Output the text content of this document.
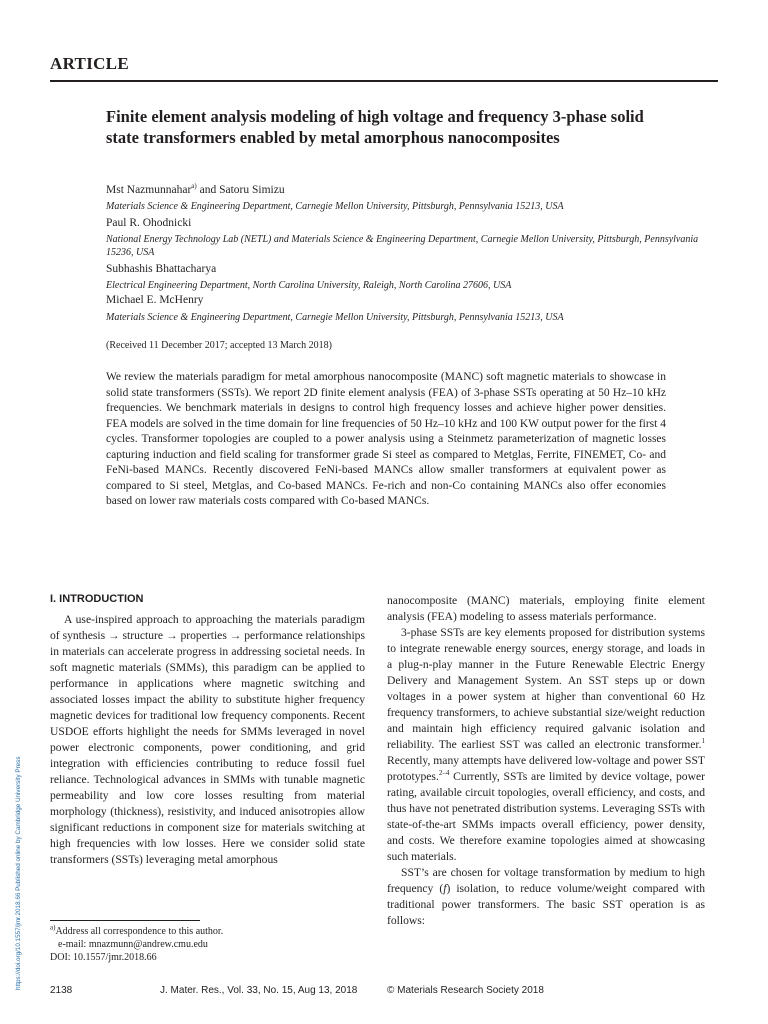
ARTICLE
Finite element analysis modeling of high voltage and frequency 3-phase solid state transformers enabled by metal amorphous nanocomposites
Mst Nazmunnahar$^{a)}$ and Satoru Simizu
Materials Science & Engineering Department, Carnegie Mellon University, Pittsburgh, Pennsylvania 15213, USA
Paul R. Ohodnicki
National Energy Technology Lab (NETL) and Materials Science & Engineering Department, Carnegie Mellon University, Pittsburgh, Pennsylvania 15236, USA
Subhashis Bhattacharya
Electrical Engineering Department, North Carolina University, Raleigh, North Carolina 27606, USA
Michael E. McHenry
Materials Science & Engineering Department, Carnegie Mellon University, Pittsburgh, Pennsylvania 15213, USA
(Received 11 December 2017; accepted 13 March 2018)
We review the materials paradigm for metal amorphous nanocomposite (MANC) soft magnetic materials to showcase in solid state transformers (SSTs). We report 2D finite element analysis (FEA) of 3-phase SSTs operating at 50 Hz–10 kHz frequencies. We benchmark materials in designs to control high frequency losses and achieve higher power densities. FEA models are solved in the time domain for line frequencies of 50 Hz–10 kHz and 100 KW output power for the first 4 cycles. Transformer topologies are coupled to a power analysis using a Steinmetz parameterization of magnetic losses capturing induction and field scaling for transformer grade Si steel as compared to Metglas, Ferrite, FINEMET, Co- and FeNi-based MANCs. Recently discovered FeNi-based MANCs allow smaller transformers at equivalent power as compared to Si steel, Metglas, and Co-based MANCs. Fe-rich and non-Co containing MANCs also offer economies based on lower raw materials costs compared with Co-based MANCs.
https://doi.org/10.1557/jmr.2018.66 Published online by Cambridge University Press
I. INTRODUCTION

A use-inspired approach to approaching the materials paradigm of synthesis → structure → properties → performance relationships in materials can accelerate progress in addressing societal needs. In soft magnetic materials (SMMs), this paradigm can be applied to performance in applications where magnetic switching and associated losses impact the ability to substitute higher frequency magnetic devices for traditional low frequency components. Recent USDOE efforts highlight the needs for SMMs leveraged in novel power electronic components, power conditioning, and grid integration with efficiencies contributing to reduce fossil fuel reliance. Technological advances in SMMs with tunable magnetic permeability and low core losses resulting from material morphology (thickness), resistivity, and induced anisotropies allow significant reductions in component size for materials switching at high frequencies with low losses. Here we consider solid state transformers (SSTs) leveraging metal amorphous

nanocomposite (MANC) materials, employing finite element analysis (FEA) modeling to assess materials performance.

3-phase SSTs are key elements proposed for distribution systems to integrate renewable energy sources, energy storage, and loads in a plug-n-play manner in the Future Renewable Electric Energy Delivery and Management System. An SST steps up or down voltages in a power system at higher than conventional 60 Hz frequency transformers, to achieve substantial size/weight reduction and maintain high efficiency required galvanic isolation and reliability. The earliest SST was called an electronic transformer.$^1$ Recently, many attempts have delivered low-voltage and power SST prototypes.$^{2-4}$ Currently, SSTs are limited by device voltage, power rating, available circuit topologies, overall efficiency, and costs, and thus have not penetrated distribution systems. Leveraging SSTs with state-of-the-art SMMs impacts overall efficiency, power density, and costs. We therefore examine topologies aimed at showcasing such materials.

SST’s are chosen for voltage transformation by medium to high frequency (f) isolation, to reduce volume/weight compared with traditional power transformers. The basic SST operation is as follows:

$^{a)}$Address all correspondence to this author.
e-mail: mnazmunn@andrew.cmu.edu
DOI: 10.1557/jmr.2018.66
2138	J. Mater. Res., Vol. 33, No. 15, Aug 13, 2018	© Materials Research Society 2018
